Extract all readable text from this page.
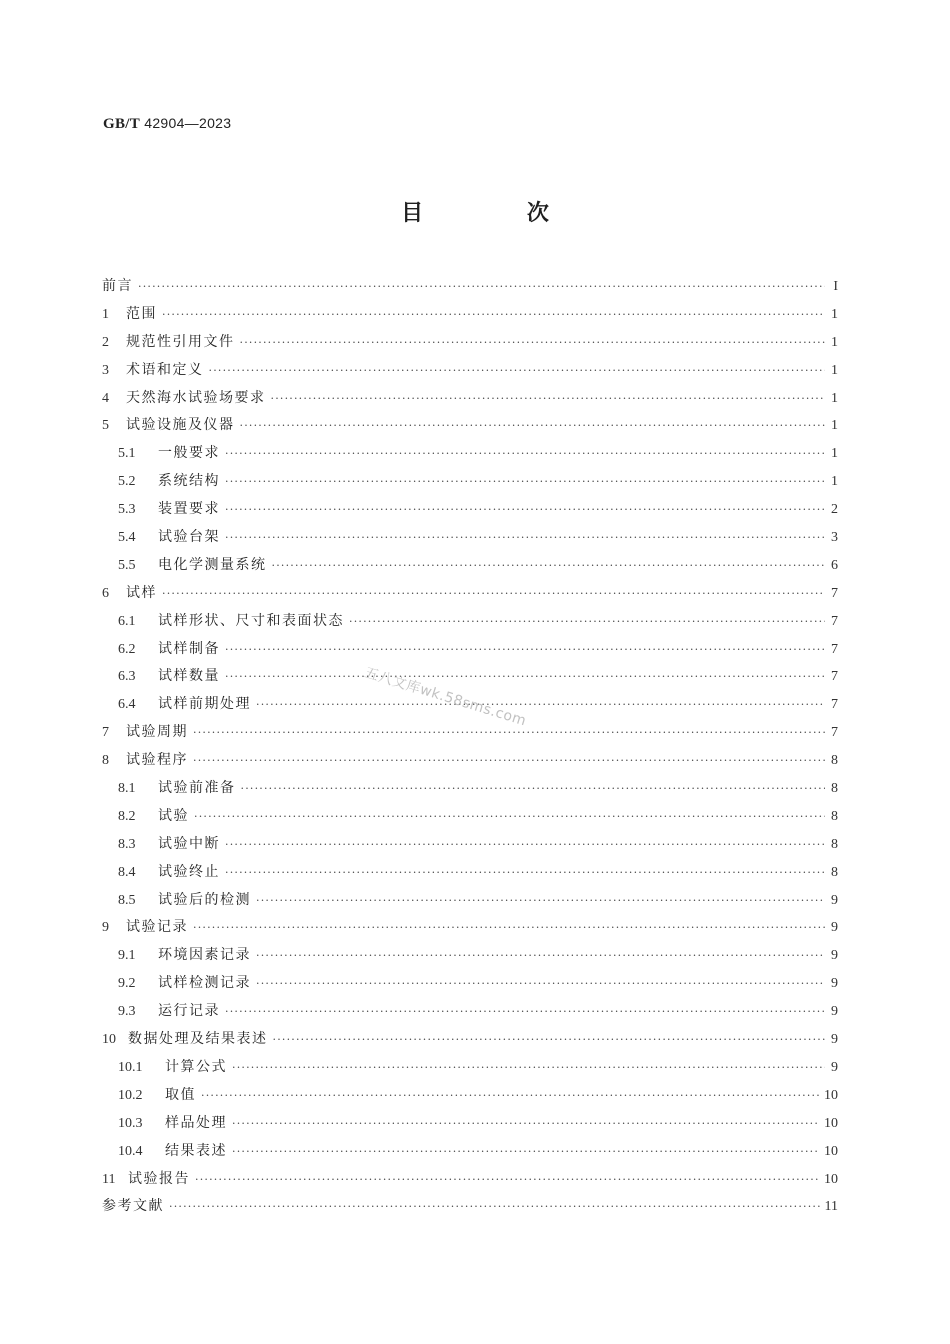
GB/T 42904—2023
目 次
前言 ·····	I
1	范围 ·····	1
2	规范性引用文件 ·····	1
3	术语和定义 ·····	1
4	天然海水试验场要求 ·····	1
5	试验设施及仪器 ·····	1
5.1	一般要求 ·····	1
5.2	系统结构 ·····	1
5.3	装置要求 ·····	2
5.4	试验台架 ·····	3
5.5	电化学测量系统 ·····	6
6	试样 ·····	7
6.1	试样形状、尺寸和表面状态 ·····	7
6.2	试样制备 ·····	7
6.3	试样数量 ·····	7
6.4	试样前期处理 ·····	7
7	试验周期 ·····	7
8	试验程序 ·····	8
8.1	试验前准备 ·····	8
8.2	试验 ·····	8
8.3	试验中断 ·····	8
8.4	试验终止 ·····	8
8.5	试验后的检测 ·····	9
9	试验记录 ·····	9
9.1	环境因素记录 ·····	9
9.2	试样检测记录 ·····	9
9.3	运行记录 ·····	9
10 数据处理及结果表述 ·····	9
10.1	计算公式 ·····	9
10.2	取值 ·····	10
10.3	样品处理 ·····	10
10.4	结果表述 ·····	10
11 试验报告 ·····	10
参考文献 ·····	11
五八文库wk.58sms.com
